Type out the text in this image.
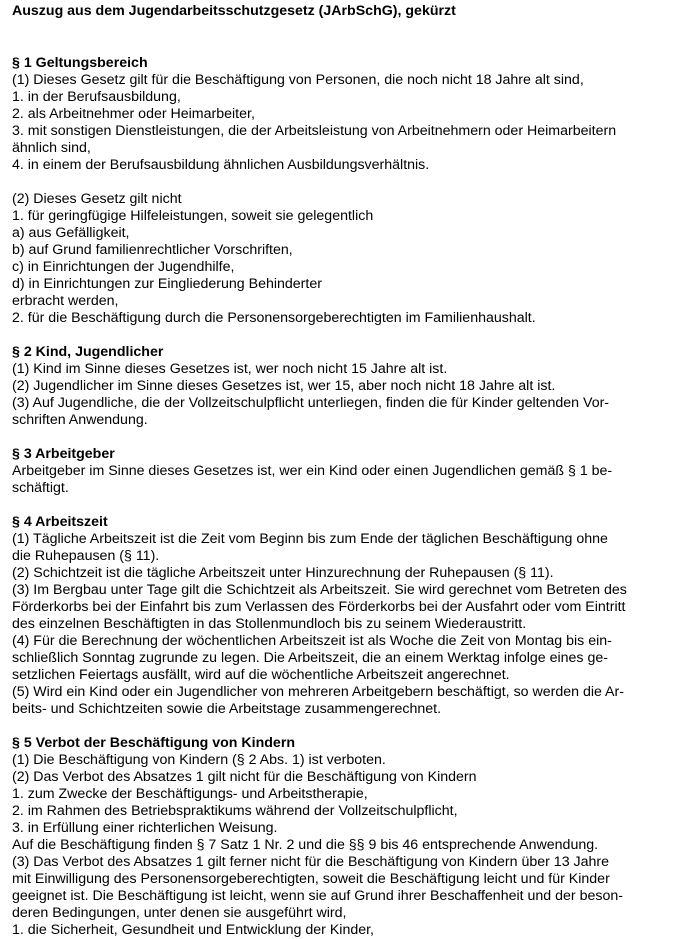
Auszug aus dem Jugendarbeitsschutzgesetz (JArbSchG), gekürzt

§ 1 Geltungsbereich

(1) Dieses Gesetz gilt für die Beschäftigung von Personen, die noch nicht 18 Jahre alt sind,

1. in der Berufsausbildung,

2. als Arbeitnehmer oder Heimarbeiter,

3. mit sonstigen Dienstleistungen, die der Arbeitsleistung von Arbeitnehmern oder Heimarbeitern

ähnlich sind,

4. in einem der Berufsausbildung ähnlichen Ausbildungsverhältnis.

(2) Dieses Gesetz gilt nicht

1. für geringfügige Hilfeleistungen, soweit sie gelegentlich

a) aus Gefälligkeit,

b) auf Grund familienrechtlicher Vorschriften,

c) in Einrichtungen der Jugendhilfe,

d) in Einrichtungen zur Eingliederung Behinderter

erbracht werden,

2. für die Beschäftigung durch die Personensorgeberechtigten im Familienhaushalt.

§ 2 Kind, Jugendlicher

(1) Kind im Sinne dieses Gesetzes ist, wer noch nicht 15 Jahre alt ist.

(2) Jugendlicher im Sinne dieses Gesetzes ist, wer 15, aber noch nicht 18 Jahre alt ist.

(3) Auf Jugendliche, die der Vollzeitschulpflicht unterliegen, finden die für Kinder geltenden Vor-

schriften Anwendung.

§ 3 Arbeitgeber

Arbeitgeber im Sinne dieses Gesetzes ist, wer ein Kind oder einen Jugendlichen gemäß § 1 be-

schäftigt.

§ 4 Arbeitszeit

(1) Tägliche Arbeitszeit ist die Zeit vom Beginn bis zum Ende der täglichen Beschäftigung ohne

die Ruhepausen (§ 11).

(2) Schichtzeit ist die tägliche Arbeitszeit unter Hinzurechnung der Ruhepausen (§ 11).

(3) Im Bergbau unter Tage gilt die Schichtzeit als Arbeitszeit. Sie wird gerechnet vom Betreten des

Förderkorbs bei der Einfahrt bis zum Verlassen des Förderkorbs bei der Ausfahrt oder vom Eintritt

des einzelnen Beschäftigten in das Stollenmundloch bis zu seinem Wiederaustritt.

(4) Für die Berechnung der wöchentlichen Arbeitszeit ist als Woche die Zeit von Montag bis ein-

schließlich Sonntag zugrunde zu legen. Die Arbeitszeit, die an einem Werktag infolge eines ge-

setzlichen Feiertags ausfällt, wird auf die wöchentliche Arbeitszeit angerechnet.

(5) Wird ein Kind oder ein Jugendlicher von mehreren Arbeitgebern beschäftigt, so werden die Ar-

beits- und Schichtzeiten sowie die Arbeitstage zusammengerechnet.

§ 5 Verbot der Beschäftigung von Kindern

(1) Die Beschäftigung von Kindern (§ 2 Abs. 1) ist verboten.

(2) Das Verbot des Absatzes 1 gilt nicht für die Beschäftigung von Kindern

1. zum Zwecke der Beschäftigungs- und Arbeitstherapie,

2. im Rahmen des Betriebspraktikums während der Vollzeitschulpflicht,

3. in Erfüllung einer richterlichen Weisung.

Auf die Beschäftigung finden § 7 Satz 1 Nr. 2 und die §§ 9 bis 46 entsprechende Anwendung.

(3) Das Verbot des Absatzes 1 gilt ferner nicht für die Beschäftigung von Kindern über 13 Jahre

mit Einwilligung des Personensorgeberechtigten, soweit die Beschäftigung leicht und für Kinder

geeignet ist. Die Beschäftigung ist leicht, wenn sie auf Grund ihrer Beschaffenheit und der beson-

deren Bedingungen, unter denen sie ausgeführt wird,

1. die Sicherheit, Gesundheit und Entwicklung der Kinder,
